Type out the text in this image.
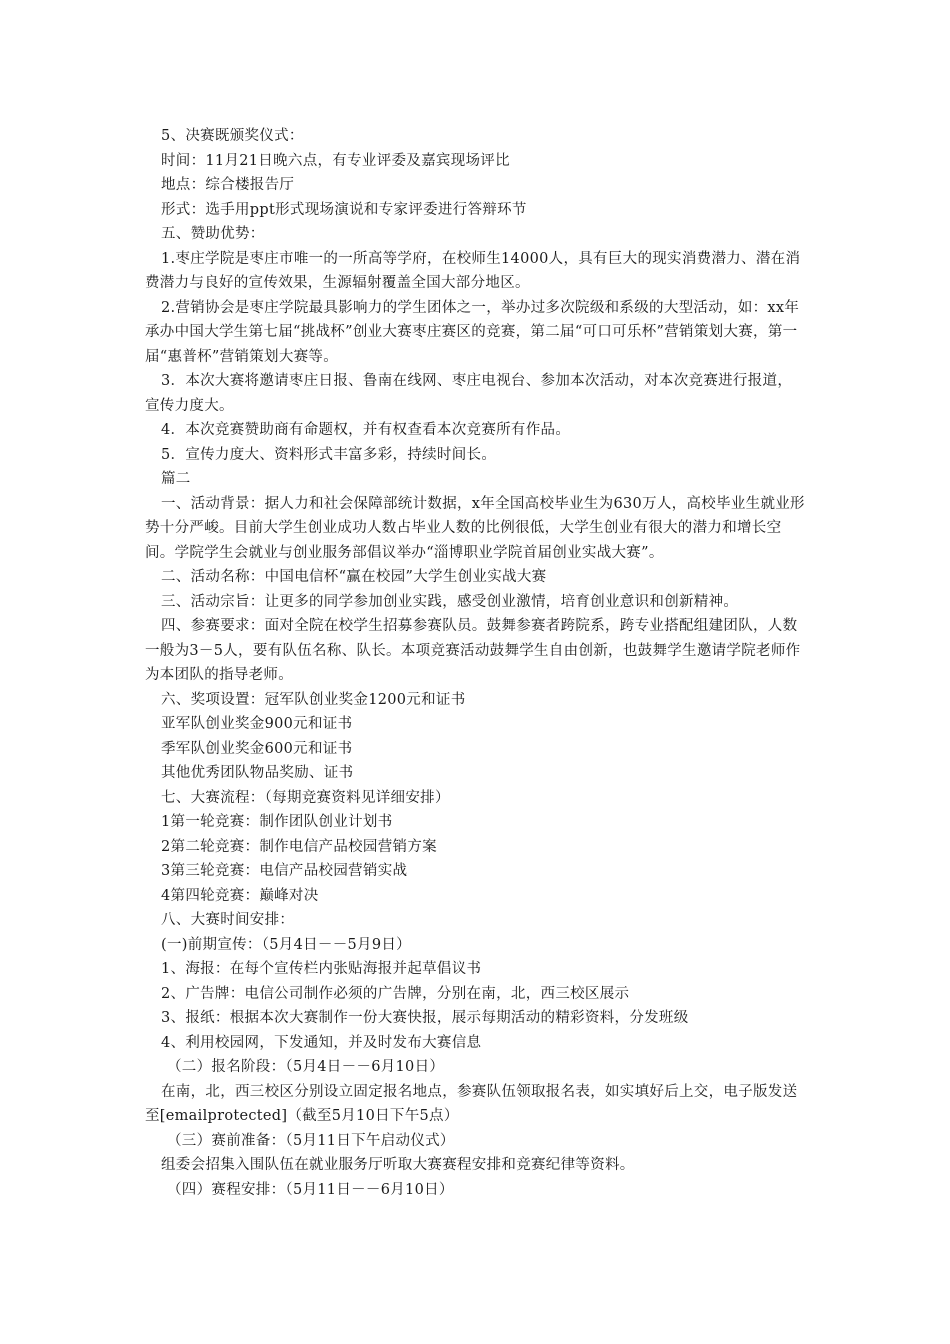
5、决赛既颁奖仪式：

时间：11月21日晚六点，有专业评委及嘉宾现场评比

地点：综合楼报告厅

形式：选手用ppt形式现场演说和专家评委进行答辩环节

五、赞助优势：

1.枣庄学院是枣庄市唯一的一所高等学府，在校师生14000人，具有巨大的现实消费潜力、潜在消费潜力与良好的宣传效果，生源辐射覆盖全国大部分地区。

2.营销协会是枣庄学院最具影响力的学生团体之一，举办过多次院级和系级的大型活动，如：xx年承办中国大学生第七届“挑战杯”创业大赛枣庄赛区的竞赛，第二届“可口可乐杯”营销策划大赛，第一届“惠普杯”营销策划大赛等。

3．本次大赛将邀请枣庄日报、鲁南在线网、枣庄电视台、参加本次活动，对本次竞赛进行报道，宣传力度大。

4．本次竞赛赞助商有命题权，并有权查看本次竞赛所有作品。

5．宣传力度大、资料形式丰富多彩，持续时间长。

篇二

一、活动背景：据人力和社会保障部统计数据，x年全国高校毕业生为630万人，高校毕业生就业形势十分严峻。目前大学生创业成功人数占毕业人数的比例很低，大学生创业有很大的潜力和增长空间。学院学生会就业与创业服务部倡议举办“淄博职业学院首届创业实战大赛”。

二、活动名称：中国电信杯“赢在校园”大学生创业实战大赛

三、活动宗旨：让更多的同学参加创业实践，感受创业激情，培育创业意识和创新精神。

四、参赛要求：面对全院在校学生招募参赛队员。鼓舞参赛者跨院系，跨专业搭配组建团队，人数一般为3－5人，要有队伍名称、队长。本项竞赛活动鼓舞学生自由创新，也鼓舞学生邀请学院老师作为本团队的指导老师。

六、奖项设置：冠军队创业奖金1200元和证书

亚军队创业奖金900元和证书

季军队创业奖金600元和证书

其他优秀团队物品奖励、证书

七、大赛流程：（每期竞赛资料见详细安排）

1第一轮竞赛：制作团队创业计划书

2第二轮竞赛：制作电信产品校园营销方案

3第三轮竞赛：电信产品校园营销实战

4第四轮竞赛：巅峰对决

八、大赛时间安排：

(一)前期宣传：（5月4日－－5月9日）

1、海报：在每个宣传栏内张贴海报并起草倡议书

2、广告牌：电信公司制作必须的广告牌，分别在南，北，西三校区展示

3、报纸：根据本次大赛制作一份大赛快报，展示每期活动的精彩资料，分发班级

4、利用校园网，下发通知，并及时发布大赛信息

（二）报名阶段：（5月4日－－6月10日）

在南，北，西三校区分别设立固定报名地点，参赛队伍领取报名表，如实填好后上交，电子版发送至[emailprotected]（截至5月10日下午5点）

（三）赛前准备：（5月11日下午启动仪式）

组委会招集入围队伍在就业服务厅听取大赛赛程安排和竞赛纪律等资料。

（四）赛程安排：（5月11日－－6月10日）
